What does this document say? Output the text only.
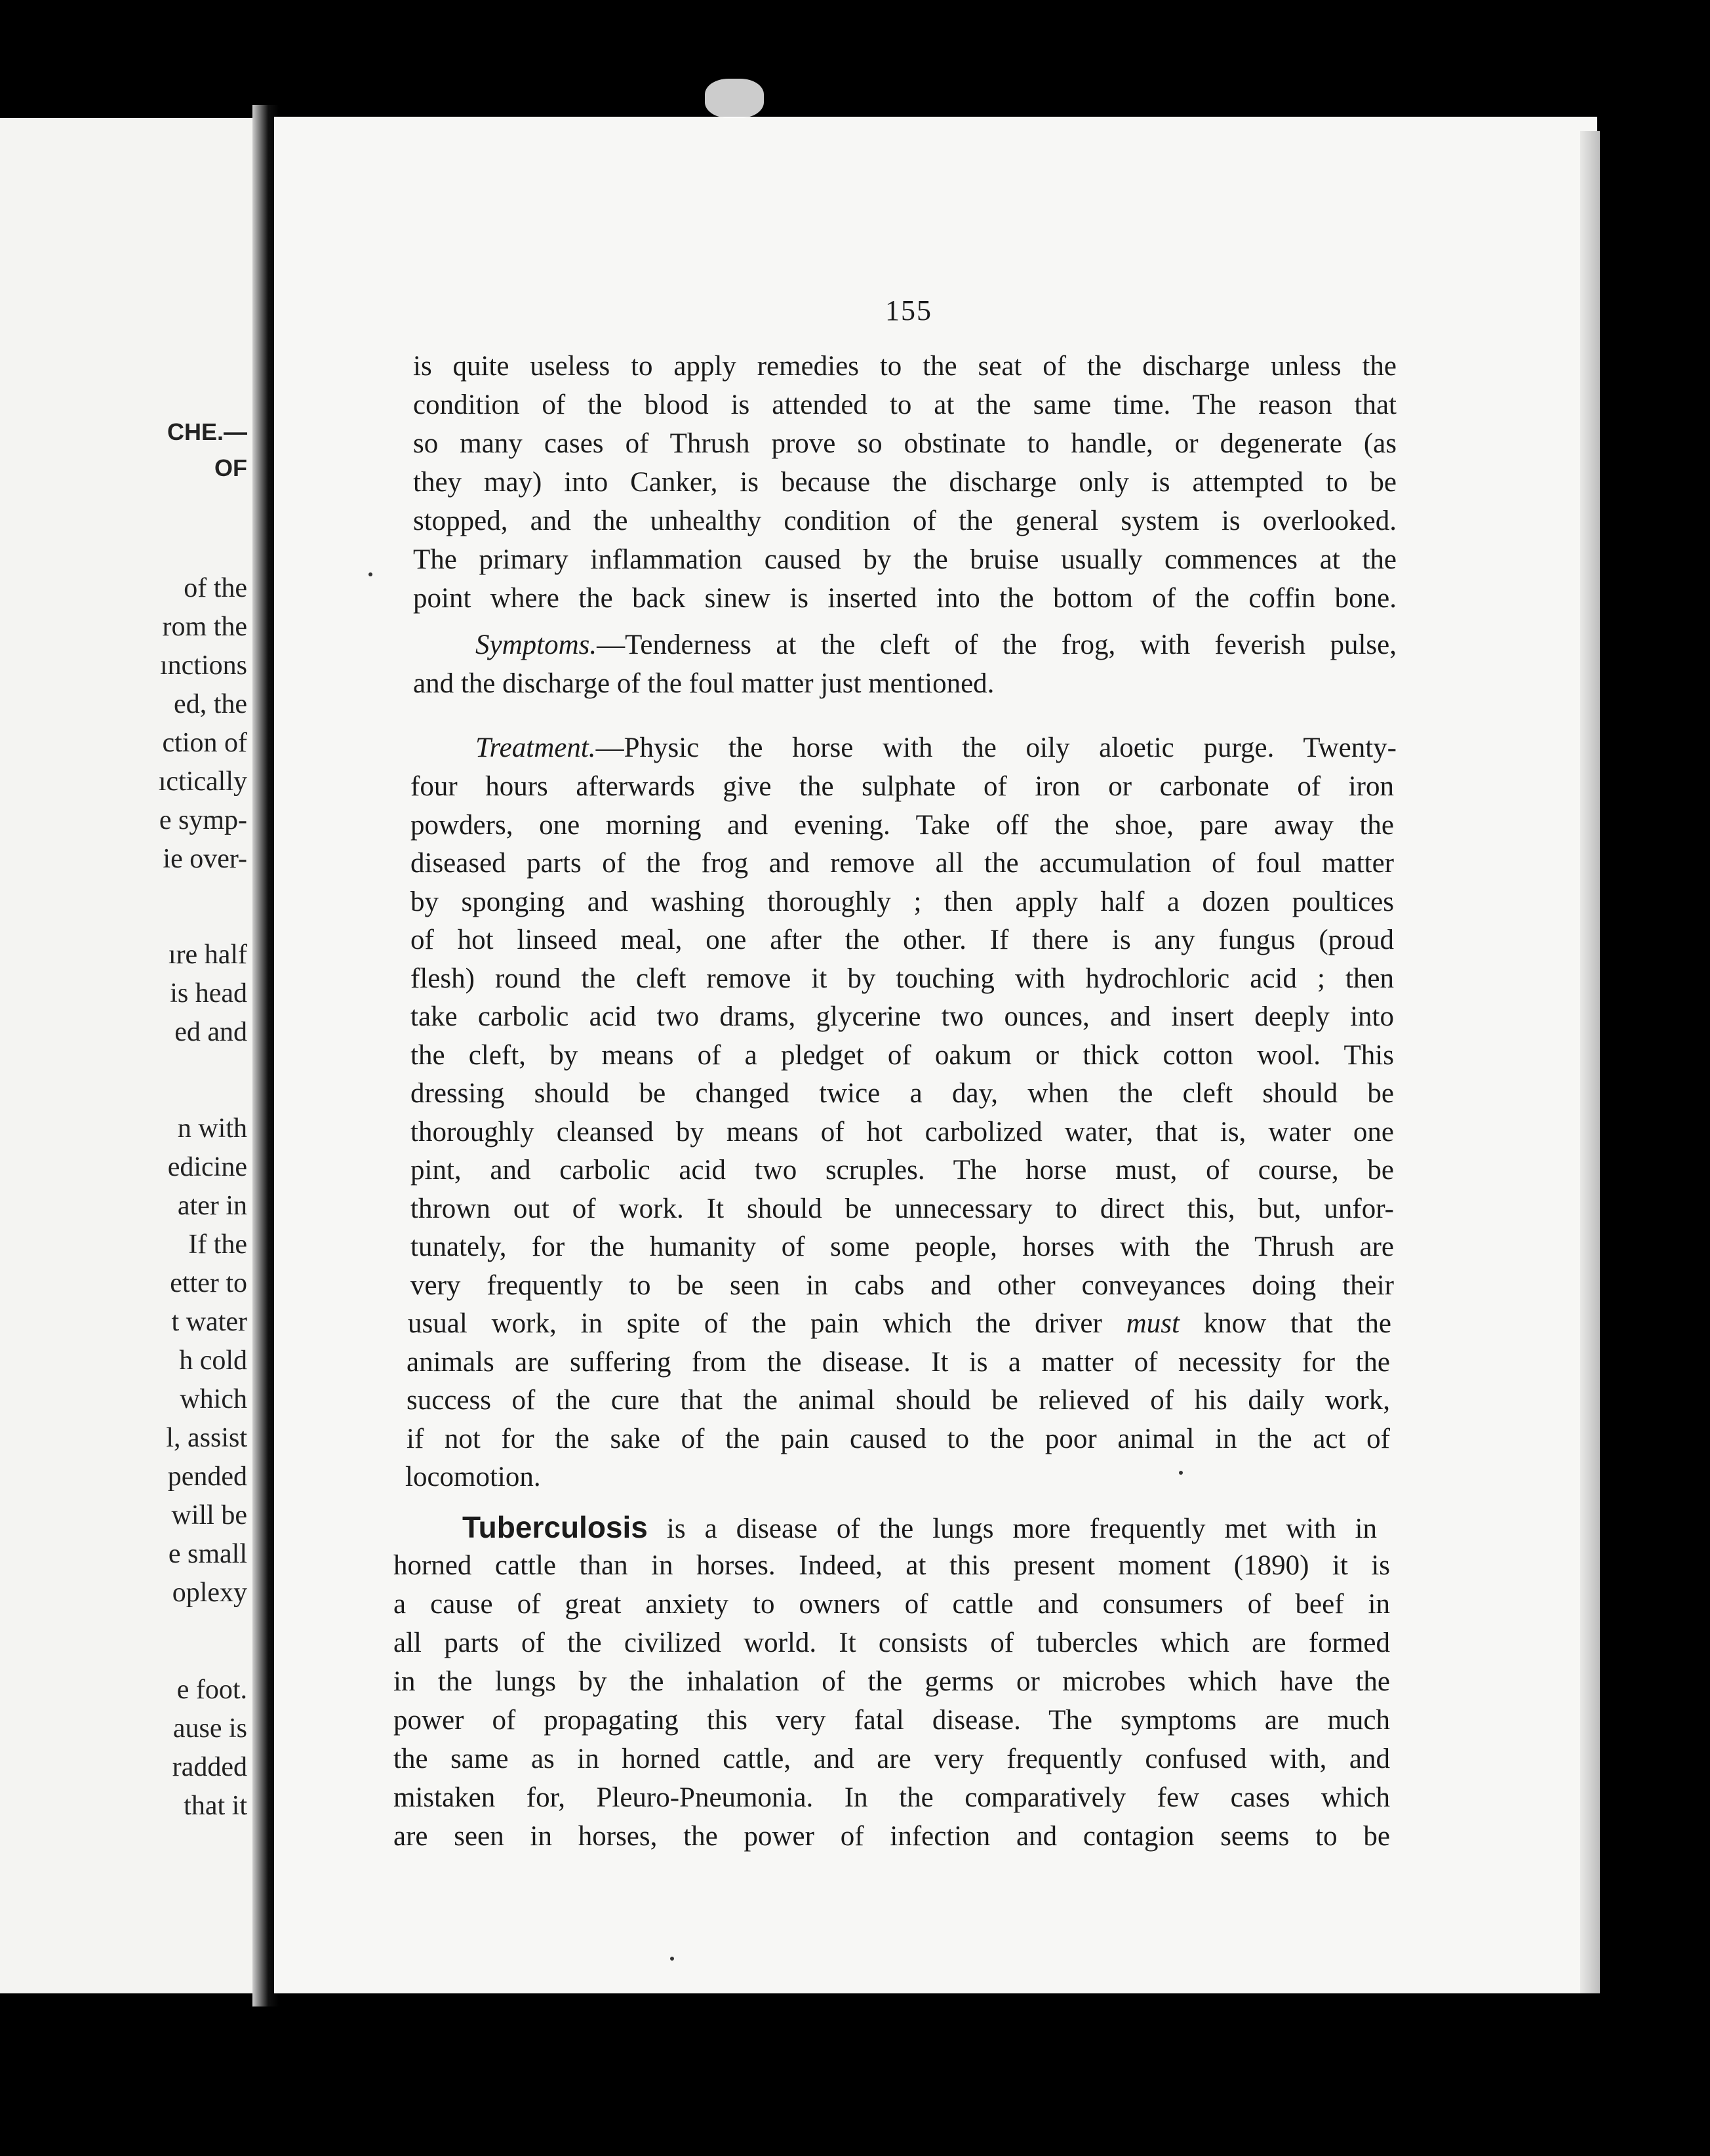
CHE.—
OF
of the
rom the
ınctions
ed, the
ction of
ıctically
e symp-
ie over-
ıre half
is head
ed and
n with
edicine
ater in
If the
etter to
t water
h cold
which
l, assist
pended
will be
e small
oplexy
e foot.
ause is
radded
that it
155
is quite useless to apply remedies to the seat of the discharge unless the
condition of the blood is attended to at the same time. The reason that
so many cases of Thrush prove so obstinate to handle, or degenerate (as
they may) into Canker, is because the discharge only is attempted to be
stopped, and the unhealthy condition of the general system is overlooked.
The primary inflammation caused by the bruise usually commences at the
point where the back sinew is inserted into the bottom of the coffin bone.
Symptoms.—Tenderness at the cleft of the frog, with feverish pulse,
and the discharge of the foul matter just mentioned.
Treatment.—Physic the horse with the oily aloetic purge. Twenty-
four hours afterwards give the sulphate of iron or carbonate of iron
powders, one morning and evening. Take off the shoe, pare away the
diseased parts of the frog and remove all the accumulation of foul matter
by sponging and washing thoroughly ; then apply half a dozen poultices
of hot linseed meal, one after the other. If there is any fungus (proud
flesh) round the cleft remove it by touching with hydrochloric acid ; then
take carbolic acid two drams, glycerine two ounces, and insert deeply into
the cleft, by means of a pledget of oakum or thick cotton wool. This
dressing should be changed twice a day, when the cleft should be
thoroughly cleansed by means of hot carbolized water, that is, water one
pint, and carbolic acid two scruples. The horse must, of course, be
thrown out of work. It should be unnecessary to direct this, but, unfor-
tunately, for the humanity of some people, horses with the Thrush are
very frequently to be seen in cabs and other conveyances doing their
usual work, in spite of the pain which the driver must know that the
animals are suffering from the disease. It is a matter of necessity for the
success of the cure that the animal should be relieved of his daily work,
if not for the sake of the pain caused to the poor animal in the act of
locomotion.
Tuberculosis is a disease of the lungs more frequently met with in
horned cattle than in horses. Indeed, at this present moment (1890) it is
a cause of great anxiety to owners of cattle and consumers of beef in
all parts of the civilized world. It consists of tubercles which are formed
in the lungs by the inhalation of the germs or microbes which have the
power of propagating this very fatal disease. The symptoms are much
the same as in horned cattle, and are very frequently confused with, and
mistaken for, Pleuro-Pneumonia. In the comparatively few cases which
are seen in horses, the power of infection and contagion seems to be
